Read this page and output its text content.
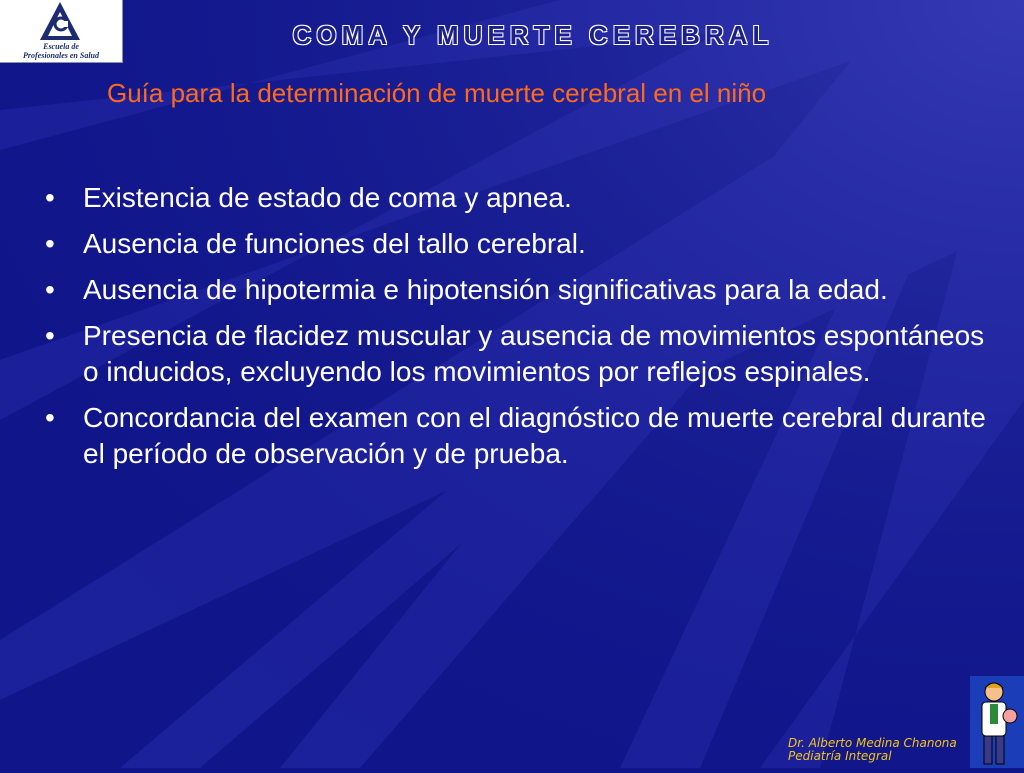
Escuela de
Profesionales en Salud
COMA Y MUERTE CEREBRAL
Guía para la determinación de muerte cerebral en el niño
• Existencia de estado de coma y apnea.
• Ausencia de funciones del tallo cerebral.
• Ausencia de hipotermia e hipotensión significativas para la edad.
• Presencia de flacidez muscular y ausencia de movimientos espontáneos o inducidos, excluyendo los movimientos por reflejos espinales.
• Concordancia del examen con el diagnóstico de muerte cerebral durante el período de observación y de prueba.
Dr. Alberto Medina Chanona
Pediatría Integral
